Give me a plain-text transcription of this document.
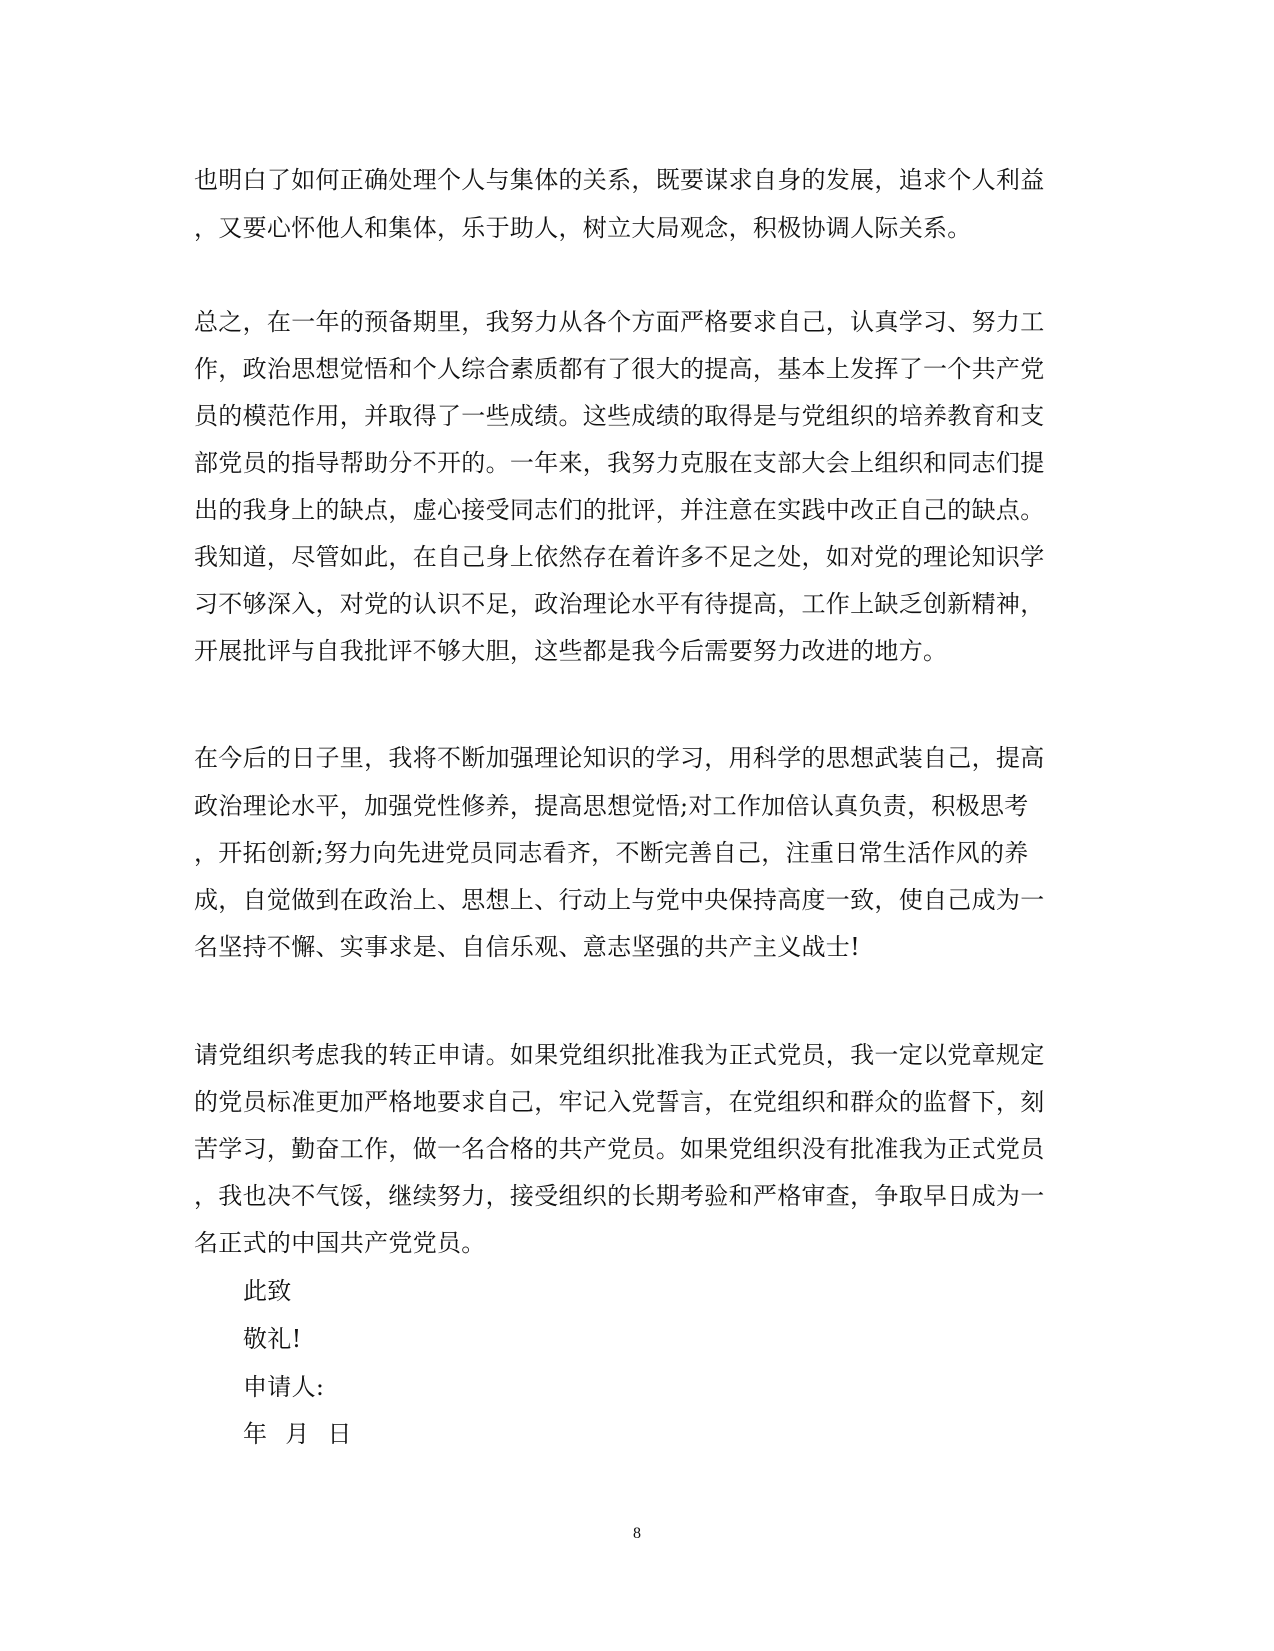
也明白了如何正确处理个人与集体的关系，既要谋求自身的发展，追求个人利益
，又要心怀他人和集体，乐于助人，树立大局观念，积极协调人际关系。
总之，在一年的预备期里，我努力从各个方面严格要求自己，认真学习、努力工
作，政治思想觉悟和个人综合素质都有了很大的提高，基本上发挥了一个共产党
员的模范作用，并取得了一些成绩。这些成绩的取得是与党组织的培养教育和支
部党员的指导帮助分不开的。一年来，我努力克服在支部大会上组织和同志们提
出的我身上的缺点，虚心接受同志们的批评，并注意在实践中改正自己的缺点。
我知道，尽管如此，在自己身上依然存在着许多不足之处，如对党的理论知识学
习不够深入，对党的认识不足，政治理论水平有待提高，工作上缺乏创新精神，
开展批评与自我批评不够大胆，这些都是我今后需要努力改进的地方。
在今后的日子里，我将不断加强理论知识的学习，用科学的思想武装自己，提高
政治理论水平，加强党性修养，提高思想觉悟;对工作加倍认真负责，积极思考
，开拓创新;努力向先进党员同志看齐，不断完善自己，注重日常生活作风的养
成，自觉做到在政治上、思想上、行动上与党中央保持高度一致，使自己成为一
名坚持不懈、实事求是、自信乐观、意志坚强的共产主义战士!
请党组织考虑我的转正申请。如果党组织批准我为正式党员，我一定以党章规定
的党员标准更加严格地要求自己，牢记入党誓言，在党组织和群众的监督下，刻
苦学习，勤奋工作，做一名合格的共产党员。如果党组织没有批准我为正式党员
，我也决不气馁，继续努力，接受组织的长期考验和严格审查，争取早日成为一
名正式的中国共产党党员。
此致
敬礼!
申请人:
年 月 日
8
